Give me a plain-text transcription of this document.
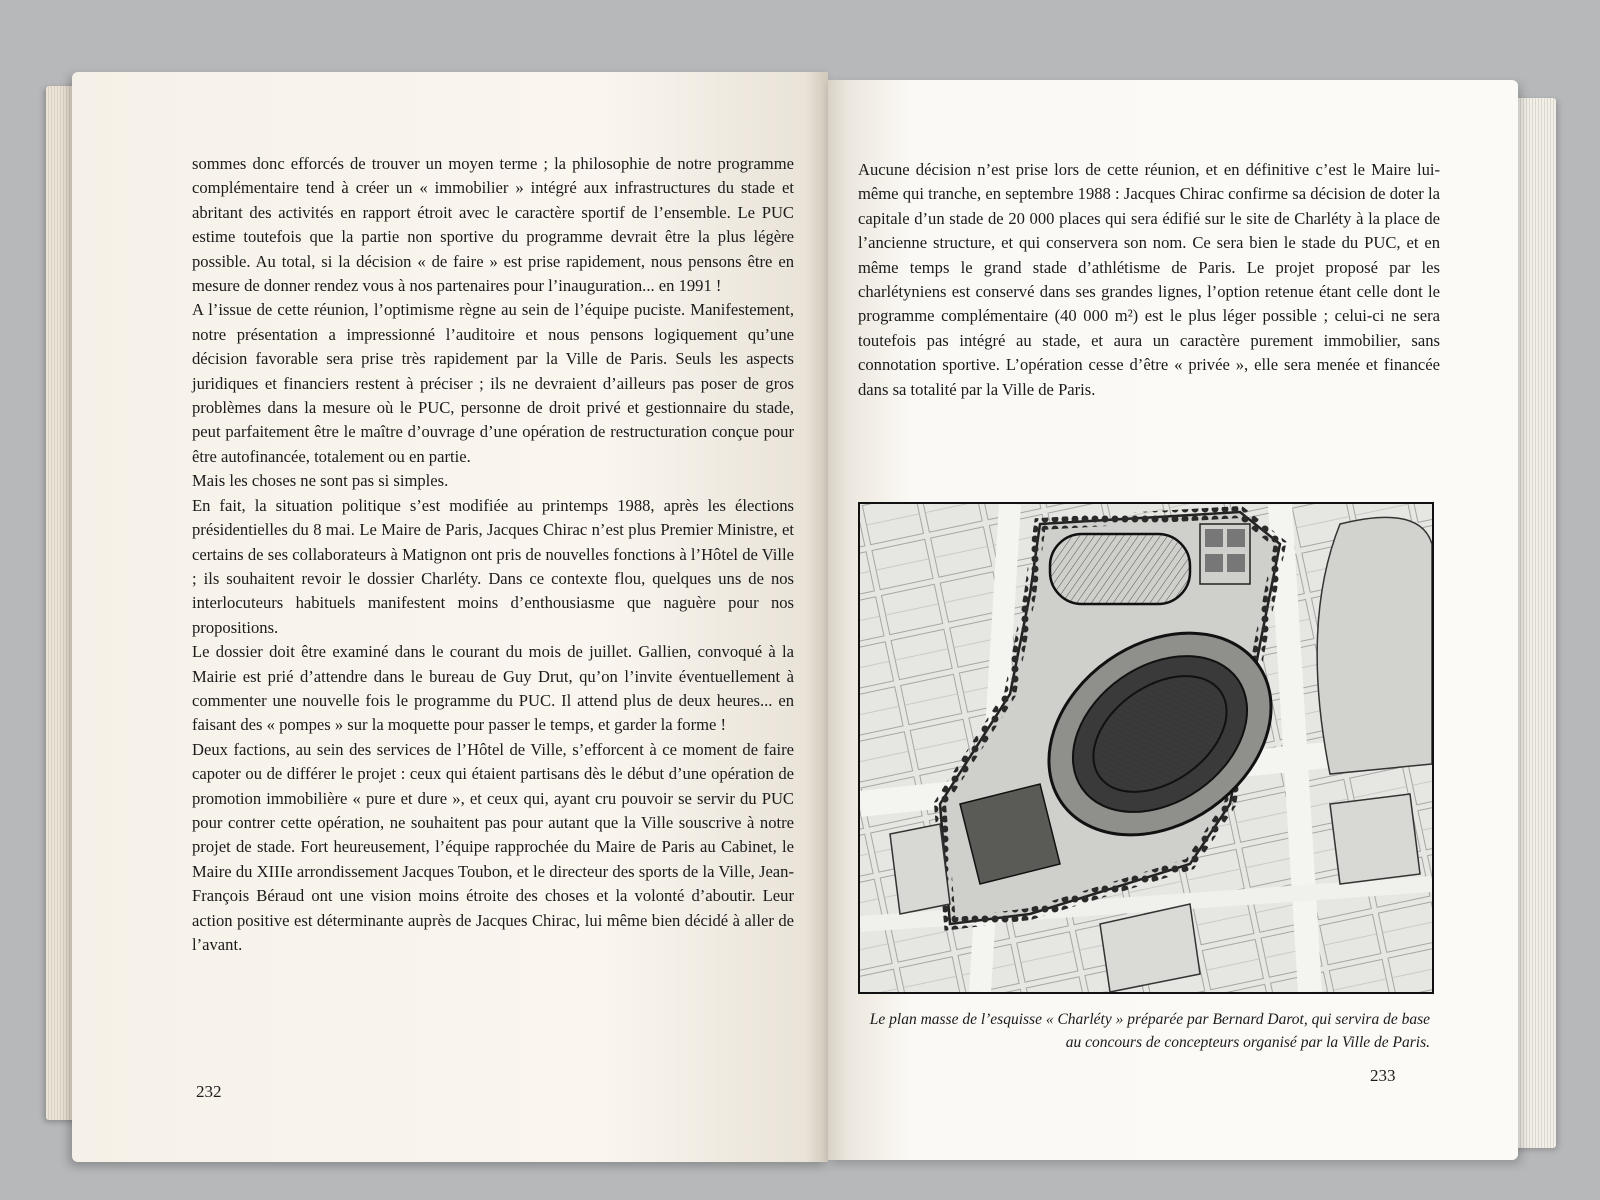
sommes donc efforcés de trouver un moyen terme ; la philosophie de notre programme complémentaire tend à créer un « immobilier » intégré aux infrastructures du stade et abritant des activités en rapport étroit avec le caractère sportif de l’ensemble. Le PUC estime toutefois que la partie non sportive du programme devrait être la plus légère possible. Au total, si la décision « de faire » est prise rapidement, nous pensons être en mesure de donner rendez vous à nos partenaires pour l’inauguration... en 1991 !

A l’issue de cette réunion, l’optimisme règne au sein de l’équipe puciste. Manifestement, notre présentation a impressionné l’auditoire et nous pensons logiquement qu’une décision favorable sera prise très rapidement par la Ville de Paris. Seuls les aspects juridiques et financiers restent à préciser ; ils ne devraient d’ailleurs pas poser de gros problèmes dans la mesure où le PUC, personne de droit privé et gestionnaire du stade, peut parfaitement être le maître d’ouvrage d’une opération de restructuration conçue pour être autofinancée, totalement ou en partie.

Mais les choses ne sont pas si simples.

En fait, la situation politique s’est modifiée au printemps 1988, après les élections présidentielles du 8 mai. Le Maire de Paris, Jacques Chirac n’est plus Premier Ministre, et certains de ses collaborateurs à Matignon ont pris de nouvelles fonctions à l’Hôtel de Ville ; ils souhaitent revoir le dossier Charléty. Dans ce contexte flou, quelques uns de nos interlocuteurs habituels manifestent moins d’enthousiasme que naguère pour nos propositions.

Le dossier doit être examiné dans le courant du mois de juillet. Gallien, convoqué à la Mairie est prié d’attendre dans le bureau de Guy Drut, qu’on l’invite éventuellement à commenter une nouvelle fois le programme du PUC. Il attend plus de deux heures... en faisant des « pompes » sur la moquette pour passer le temps, et garder la forme !

Deux factions, au sein des services de l’Hôtel de Ville, s’efforcent à ce moment de faire capoter ou de différer le projet : ceux qui étaient partisans dès le début d’une opération de promotion immobilière « pure et dure », et ceux qui, ayant cru pouvoir se servir du PUC pour contrer cette opération, ne souhaitent pas pour autant que la Ville souscrive à notre projet de stade. Fort heureusement, l’équipe rapprochée du Maire de Paris au Cabinet, le Maire du XIIIe arrondissement Jacques Toubon, et le directeur des sports de la Ville, Jean-François Béraud ont une vision moins étroite des choses et la volonté d’aboutir. Leur action positive est déterminante auprès de Jacques Chirac, lui même bien décidé à aller de l’avant.

232

Aucune décision n’est prise lors de cette réunion, et en définitive c’est le Maire lui-même qui tranche, en septembre 1988 : Jacques Chirac confirme sa décision de doter la capitale d’un stade de 20 000 places qui sera édifié sur le site de Charléty à la place de l’ancienne structure, et qui conservera son nom. Ce sera bien le stade du PUC, et en même temps le grand stade d’athlétisme de Paris. Le projet proposé par les charlétyniens est conservé dans ses grandes lignes, l’option retenue étant celle dont le programme complémentaire (40 000 m²) est le plus léger possible ; celui-ci ne sera toutefois pas intégré au stade, et aura un caractère purement immobilier, sans connotation sportive. L’opération cesse d’être « privée », elle sera menée et financée dans sa totalité par la Ville de Paris.

Le plan masse de l’esquisse « Charléty » préparée par Bernard Darot, qui servira de base au concours de concepteurs organisé par la Ville de Paris.
233
